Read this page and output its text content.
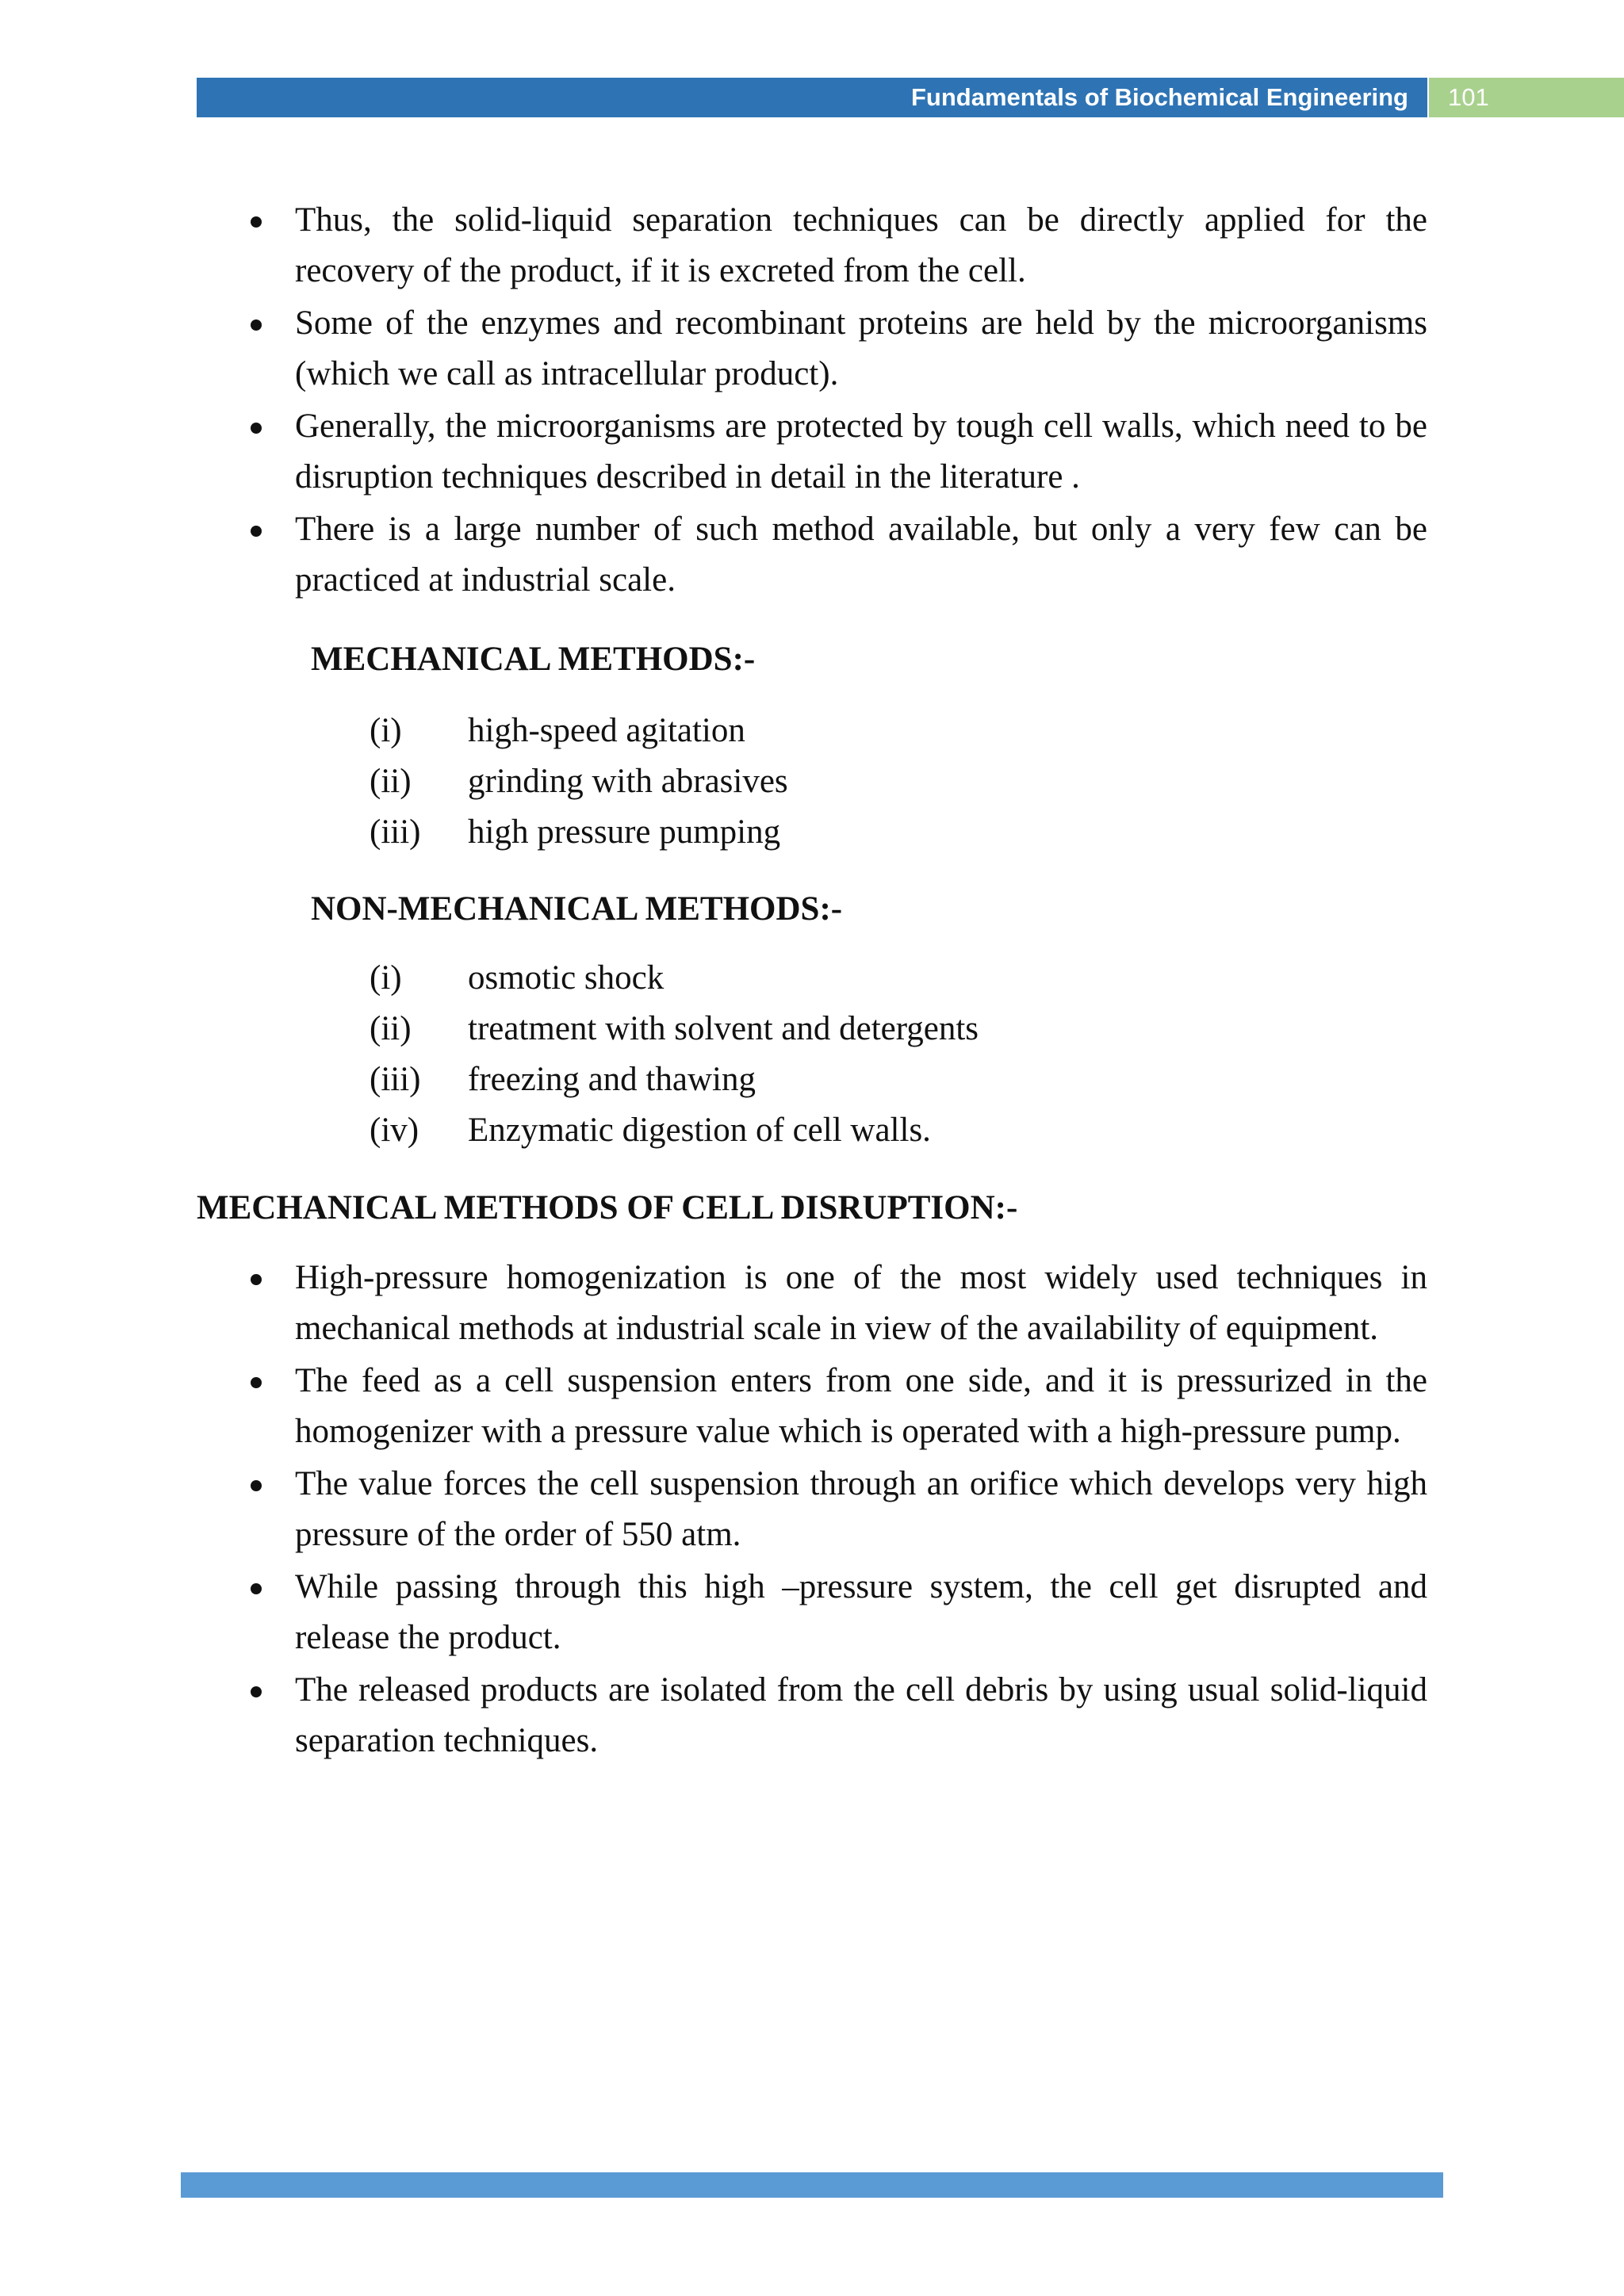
Fundamentals of Biochemical Engineering	101
Thus, the solid-liquid separation techniques can be directly applied for the recovery of the product, if it is excreted from the cell.
Some of the enzymes and recombinant proteins are held by the microorganisms (which we call as intracellular product).
Generally, the microorganisms are protected by tough cell walls, which need to be disruption techniques described in detail in the literature .
There is a large number of such method available, but only a very few can be practiced at industrial scale.
MECHANICAL METHODS:-
(i)	high-speed agitation
(ii)	grinding with abrasives
(iii)	high pressure pumping
NON-MECHANICAL METHODS:-
(i)	osmotic shock
(ii)	treatment with solvent and detergents
(iii)	freezing and thawing
(iv)	Enzymatic digestion of cell walls.
MECHANICAL METHODS OF CELL DISRUPTION:-
High-pressure homogenization is one of the most widely used techniques in mechanical methods at industrial scale in view of the availability of equipment.
The feed as a cell suspension enters from one side, and it is pressurized in the homogenizer with a pressure value which is operated with a high-pressure pump.
The value forces the cell suspension through an orifice which develops very high pressure of the order of 550 atm.
While passing through this high –pressure system, the cell get disrupted and release the product.
The released products are isolated from the cell debris by using usual solid-liquid separation techniques.
